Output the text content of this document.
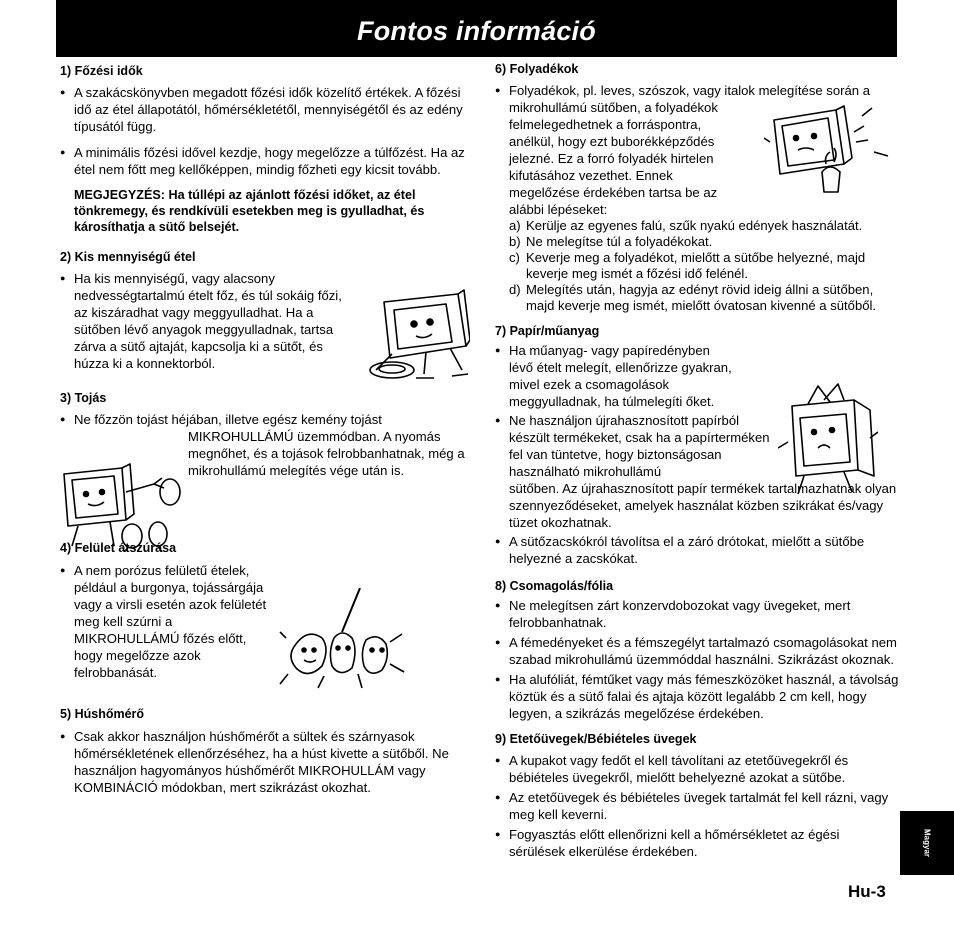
Fontos információ
1) Főzési idők
● A szakácskönyvben megadott főzési idők közelítő értékek. A főzési idő az étel állapotától, hőmérsékletétől, mennyiségétől és az edény típusától függ.
● A minimális főzési idővel kezdje, hogy megelőzze a túlfőzést. Ha az étel nem főtt meg kellőképpen, mindig főzheti egy kicsit tovább.
MEGJEGYZÉS: Ha túllépi az ajánlott főzési időket, az étel tönkremegy, és rendkívüli esetekben meg is gyulladhat, és károsíthatja a sütő belsejét.
2) Kis mennyiségű étel
● Ha kis mennyiségű, vagy alacsony nedvességtartalmú ételt főz, és túl sokáig főzi, az kiszáradhat vagy meggyulladhat. Ha a sütőben lévő anyagok meggyulladnak, tartsa zárva a sütő ajtaját, kapcsolja ki a sütőt, és húzza ki a konnektorból.
3) Tojás
● Ne főzzön tojást héjában, illetve egész kemény tojást
MIKROHULLÁMÚ üzemmódban. A nyomás megnőhet, és a tojások felrobbanhatnak, még a mikrohullámú melegítés vége után is.
4) Felület átszúrása
● A nem porózus felületű ételek, például a burgonya, tojássárgája vagy a virsli esetén azok felületét meg kell szúrni a MIKROHULLÁMÚ főzés előtt, hogy megelőzze azok felrobbanását.
5) Húshőmérő
● Csak akkor használjon húshőmérőt a sültek és szárnyasok hőmérsékletének ellenőrzéséhez, ha a húst kivette a sütőből. Ne használjon hagyományos húshőmérőt MIKROHULLÁM vagy KOMBINÁCIÓ módokban, mert szikrázást okozhat.
6) Folyadékok
● Folyadékok, pl. leves, szószok, vagy italok melegítése során a
mikrohullámú sütőben, a folyadékok felmelegedhetnek a forráspontra, anélkül, hogy ezt buborékképződés jelezné. Ez a forró folyadék hirtelen kifutásához vezethet. Ennek megelőzése érdekében tartsa be az alábbi lépéseket:
a) Kerülje az egyenes falú, szűk nyakú edények használatát.
b) Ne melegítse túl a folyadékokat.
c) Keverje meg a folyadékot, mielőtt a sütőbe helyezné, majd keverje meg ismét a főzési idő felénél.
d) Melegítés után, hagyja az edényt rövid ideig állni a sütőben, majd keverje meg ismét, mielőtt óvatosan kivenné a sütőből.
7) Papír/műanyag
● Ha műanyag- vagy papíredényben lévő ételt melegít, ellenőrizze gyakran, mivel ezek a csomagolások meggyulladnak, ha túlmelegíti őket.
● Ne használjon újrahasznosított papírból készült termékeket, csak ha a papírterméken fel van tüntetve, hogy biztonságosan használható mikrohullámú
sütőben. Az újrahasznosított papír termékek tartalmazhatnak olyan szennyeződéseket, amelyek használat közben szikrákat és/vagy tüzet okozhatnak.
● A sütőzacskókról távolítsa el a záró drótokat, mielőtt a sütőbe helyezné a zacskókat.
8) Csomagolás/fólia
● Ne melegítsen zárt konzervdobozokat vagy üvegeket, mert felrobbanhatnak.
● A fémedényeket és a fémszegélyt tartalmazó csomagolásokat nem szabad mikrohullámú üzemmóddal használni. Szikrázást okoznak.
● Ha alufóliát, fémtűket vagy más fémeszközöket használ, a távolság köztük és a sütő falai és ajtaja között legalább 2 cm kell, hogy legyen, a szikrázás megelőzése érdekében.
9) Etetőüvegek/Bébiételes üvegek
● A kupakot vagy fedőt el kell távolítani az etetőüvegekről és bébiételes üvegekről, mielőtt behelyezné azokat a sütőbe.
● Az etetőüvegek és bébiételes üvegek tartalmát fel kell rázni, vagy meg kell keverni.
● Fogyasztás előtt ellenőrizni kell a hőmérsékletet az égési sérülések elkerülése érdekében.	Magyar
Hu-3
